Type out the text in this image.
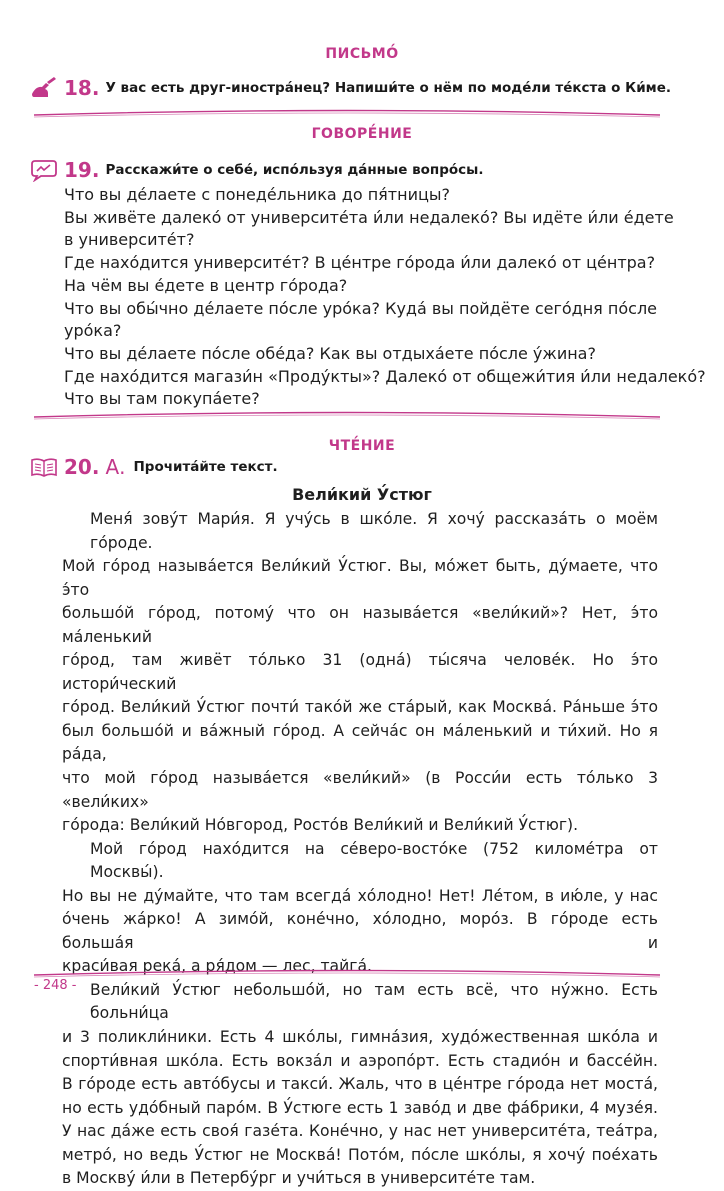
ПИСЬМО́
18. У вас есть друг-иностра́нец? Напиши́те о нём по моде́ли те́кста о Ки́ме.
ГОВОРЕ́НИЕ
19. Расскажи́те о себе́, испо́льзуя да́нные вопро́сы.
Что вы де́лаете с понеде́льника до пя́тницы?
Вы живёте далеко́ от университе́та и́ли недалеко́? Вы идёте и́ли е́дете
в университе́т?
Где нахо́дится университе́т? В це́нтре го́рода и́ли далеко́ от це́нтра?
На чём вы е́дете в центр го́рода?
Что вы обы́чно де́лаете по́сле уро́ка? Куда́ вы пойдёте сего́дня по́сле
уро́ка?
Что вы де́лаете по́сле обе́да? Как вы отдыха́ете по́сле у́жина?
Где нахо́дится магази́н «Проду́кты»? Далеко́ от общежи́тия и́ли недалеко́?
Что вы там покупа́ете?
ЧТЕ́НИЕ
20. А. Прочита́йте текст.
Вели́кий У́стюг
Меня́ зову́т Мари́я. Я учу́сь в шко́ле. Я хочу́ рассказа́ть о моём го́роде.
Мой го́род называ́ется Вели́кий У́стюг. Вы, мо́жет быть, ду́маете, что э́то
большо́й го́род, потому́ что он называ́ется «вели́кий»? Нет, э́то ма́ленький
го́род, там живёт то́лько 31 (одна́) ты́сяча челове́к. Но э́то истори́ческий
го́род. Вели́кий У́стюг почти́ тако́й же ста́рый, как Москва́. Ра́ньше э́то
был большо́й и ва́жный го́род. А сейча́с он ма́ленький и ти́хий. Но я ра́да,
что мой го́род называ́ется «вели́кий» (в Росси́и есть то́лько 3 «вели́ких»
го́рода: Вели́кий Но́вгород, Росто́в Вели́кий и Вели́кий У́стюг).
Мой го́род нахо́дится на се́веро-восто́ке (752 киломе́тра от Москвы́).
Но вы не ду́майте, что там всегда́ хо́лодно! Нет! Ле́том, в ию́ле, у нас
о́чень жа́рко! А зимо́й, коне́чно, хо́лодно, моро́з. В го́роде есть больша́я и
краси́вая река́, а ря́дом — лес, тайга́.
Вели́кий У́стюг небольшо́й, но там есть всё, что ну́жно. Есть больни́ца
и 3 поликли́ники. Есть 4 шко́лы, гимна́зия, худо́жественная шко́ла и
спорти́вная шко́ла. Есть вокза́л и аэропо́рт. Есть стадио́н и бассе́йн.
В го́роде есть авто́бусы и такси́. Жаль, что в це́нтре го́рода нет моста́,
но есть удо́бный паро́м. В У́стюге есть 1 заво́д и две фа́брики, 4 музе́я.
У нас да́же есть своя́ газе́та. Коне́чно, у нас нет университе́та, теа́тра,
метро́, но ведь У́стюг не Москва́! Пото́м, по́сле шко́лы, я хочу́ пое́хать
в Москву́ и́ли в Петербу́рг и учи́ться в университе́те там.
- 248 -
